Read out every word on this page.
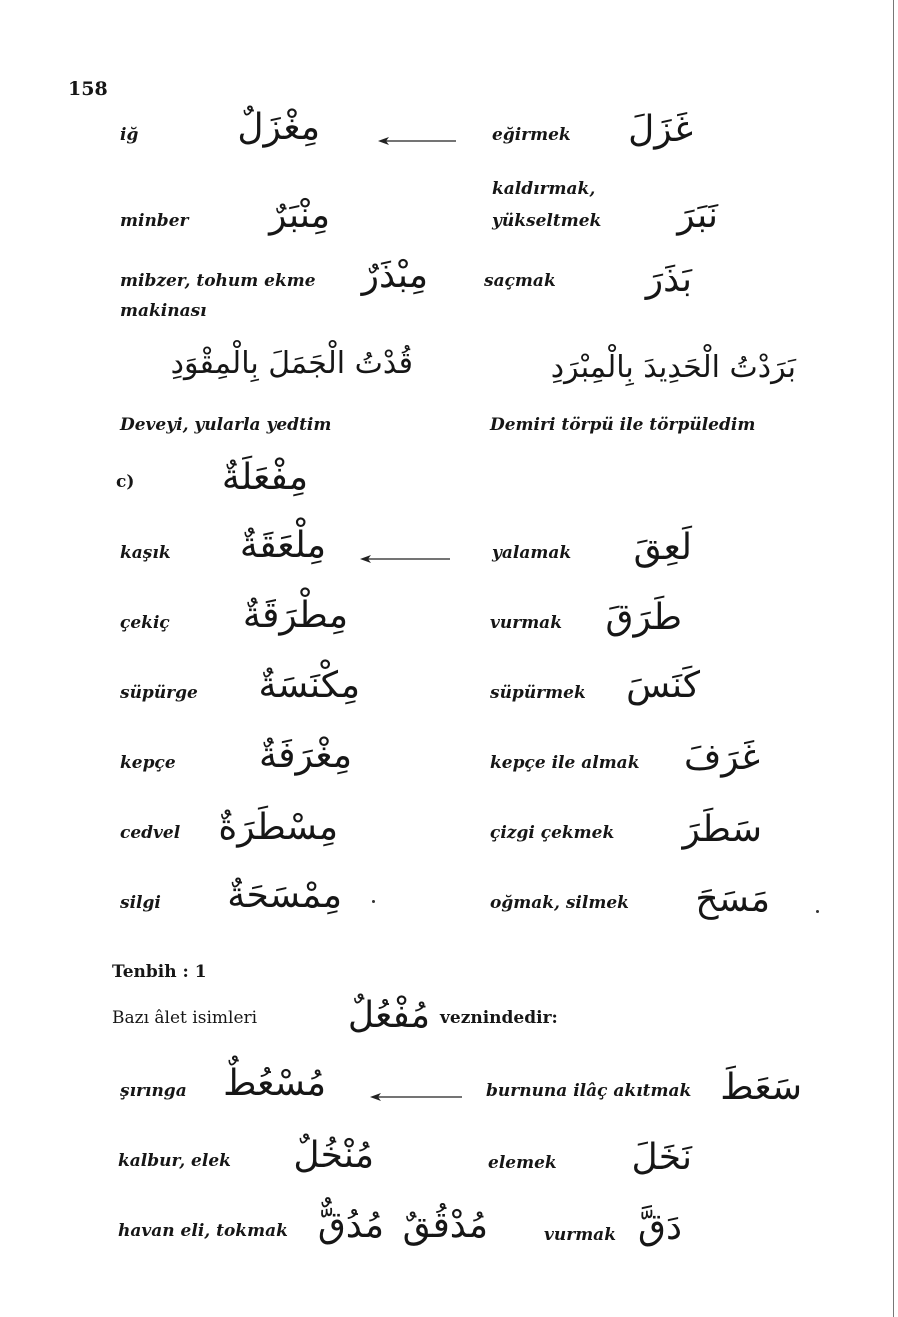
158
iğ	مِغْزَلٌ	eğirmek غَزَلَ
minber	مِنْبَرٌ
kaldırmak,
yükseltmek	نَبَرَ
mibzer, tohum ekme
makinası
مِبْذَرٌ	saçmak	بَذَرَ
قُدْتُ الْجَمَلَ بِالْمِقْوَدِ	بَرَدْتُ الْحَدِيدَ بِالْمِبْرَدِ
Deveyi, yularla yedtim	Demiri törpü ile törpüledim
c)	مِفْعَلَةٌ
kaşık	مِلْعَقَةٌ	yalamak لَعِقَ
çekiç مِطْرَقَةٌ	vurmak طَرَقَ
süpürge	مِكْنَسَةٌ	süpürmek كَنَسَ
kepçe	مِغْرَفَةٌ	kepçe ile almak غَرَفَ
cedvel مِسْطَرَةٌ	çizgi çekmek سَطَرَ
silgi مِمْسَحَةٌ	oğmak, silmek مَسَحَ
Tenbih : 1
Bazı âlet isimleri	مُفْعُلٌ veznindedir:
şırınga مُسْعُطٌ	burnuna ilâç akıtmak سَعَطَ
kalbur, elek مُنْخُلٌ	elemek نَخَلَ
havan eli, tokmak مُدُقٌّ مُدْقُقٌ	vurmak دَقَّ
